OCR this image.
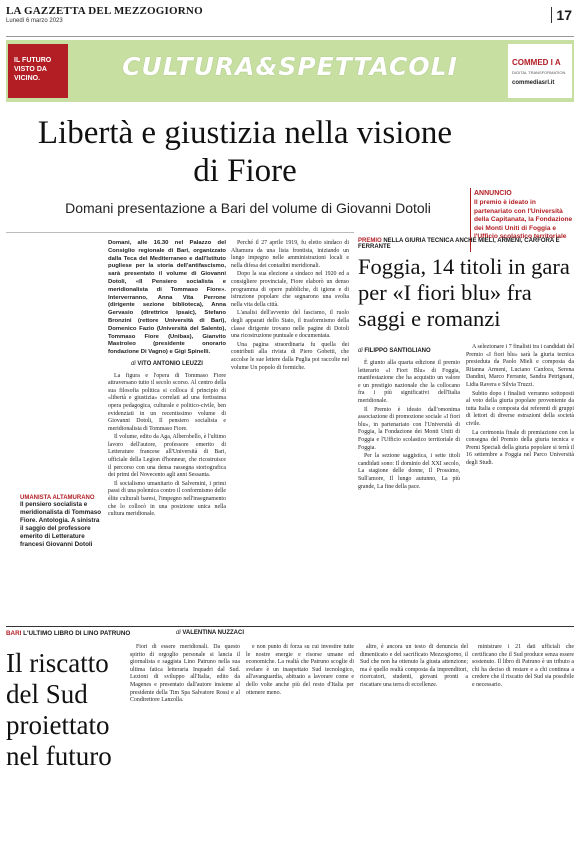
LA GAZZETTA DEL MEZZOGIORNO
Lunedì 6 marzo 2023	17
IL FUTURO VISTO DA VICINO.	CULTURA&SPETTACOLI	COMMED I A
DIGITAL TRANSFORMATION
commediasrl.it
Libertà e giustizia nella visione di Fiore
Domani presentazione a Bari del volume di Giovanni Dotoli
ANNUNCIO
Il premio è ideato in partenariato con l'Università della Capitanata, la Fondazione dei Monti Uniti di Foggia e l'Ufficio scolastico territoriale
Domani, alle 16.30 nel Palazzo del Consiglio regionale di Bari, organizzato dalla Teca del Mediterraneo e dall'Istituto pugliese per la storia dell'antifascismo, sarà presentato il volume di Giovanni Dotoli, «Il Pensiero socialista e meridionalista di Tommaso Fiore». Interverranno, Anna Vita Perrone (dirigente sezione biblioteca), Anna Gervasio (direttrice Ipsaic), Stefano Bronzini (rettore Università di Bari), Domenico Fazio (Università del Salento), Tommaso Fiore (Unibas), Gianvito Mastroleo (presidente onorario fondazione Di Vagno) e Gigi Spinelli.
di VITO ANTONIO LEUZZI

La figura e l'opera di Tommaso Fiore attraversano tutto il secolo scorso. Al centro della sua filosofia politica si colloca il principio di «libertà e giustizia» correlati ad una fortissima opera pedagogica, culturale e politico-civile, ben evidenziati in un recentissimo volume di Giovanni Dotoli, Il pensiero socialista e meridionalista di Tommaso Fiore.

Il volume, edito da Aga, Alberobello, è l'ultimo lavoro dell'autore, professore emerito di Letterature francese all'Università di Bari, ufficiale della Legion d'honneur, che ricostruisce il percorso con una densa rassegna storiografica dei primi del Novecento agli anni Sessanta.

Il socialismo umanitario di Salvemini, i primi passi di una polemica contro il conformismo delle élite culturali baresi, l'impegno nell'insegnamento che lo collocò in una posizione unica nella cultura meridionale.

Perché il 27 aprile 1919, fu eletto sindaco di Altamura da una lista frontista, iniziando un lungo impegno nelle amministrazioni locali e nella difesa dei contadini meridionali.

Dopo la sua elezione a sindaco nel 1920 ed a consigliere provinciale, Fiore elaborò un denso programma di opere pubbliche, di igiene e di istruzione popolare che segnarono una svolta nella vita della città.

L'analisi dell'avvento del fascismo, il ruolo degli apparati dello Stato, il trasformismo della classe dirigente trovano nelle pagine di Dotoli una ricostruzione puntuale e documentata.

Una pagina straordinaria fu quella dei contributi alla rivista di Piero Gobetti, che accolse le sue lettere dalla Puglia poi raccolte nel volume Un popolo di formiche.

UMANISTA ALTAMURANO
Il pensiero socialista e meridionalista di Tommaso Fiore. Antologia. A sinistra il saggio del professore emerito di Letterature francesi Giovanni Dotoli
PREMIO NELLA GIURIA TECNICA ANCHE MIELI, ARMENI, CARFORA E FERRANTE
Foggia, 14 titoli in gara per «I fiori blu» fra saggi e romanzi
di FILIPPO SANTIGLIANO

È giunto alla quarta edizione il premio letterario «I Fiori Blu» di Foggia, manifestazione che ha acquisito un valore e un prestigio nazionale che la collocano fra i più significativi dell'Italia meridionale.

Il Premio è ideato dall'omonima associazione di promozione sociale «I fiori blu», in partenariato con l'Università di Foggia, la Fondazione dei Monti Uniti di Foggia e l'Ufficio scolastico territoriale di Foggia.

Per la sezione saggistica, i sette titoli candidati sono: Il dominio del XXI secolo, La stagione delle donne, Il Prossimo, Sull'amore, Il lungo autunno, La più grande, La fine della pace.

A selezionare i 7 finalisti tra i candidati del Premio «I fiori blu» sarà la giuria tecnica presieduta da Paolo Mieli e composta da Ritanna Armeni, Luciano Canfora, Serena Dandini, Marco Ferrante, Sandra Petrignani, Lidia Ravera e Silvia Truzzi.

Subito dopo i finalisti verranno sottoposti al voto della giuria popolare proveniente da tutta Italia e composta dai referenti di gruppi di lettori di diverse estrazioni della società civile.

La cerimonia finale di premiazione con la consegna del Premio della giuria tecnica e Premi Speciali della giuria popolare si terrà il 16 settembre a Foggia nel Parco Università degli Studi.

BARI L'ULTIMO LIBRO DI LINO PATRUNO
Il riscatto del Sud proiettato nel futuro
di VALENTINA NUZZACI

Fiori di essere meridionali. Da questo spirito di orgoglio personale si lancia il giornalista e saggista Lino Patruno nella sua ultima fatica letteraria Inquadri dal Sud. Lezioni di sviluppo all'Italia, edito da Magenes e presentato dall'autore insieme al presidente della Tim Spa Salvatore Rossi e al Condirettore Lanzolla.

e non punto di forza su cui investire tutte le nostre energie e risorse umane ed economiche. La realtà che Patruno scoglie di svelare è un inaspettato Sud tecnologico, all'avanguardia, abituato a lavorare come e dello volte anche più del resto d'Italia per ottenere meno.

altre, è ancora un testo di denuncia del dimenticato e del sacrificato Mezzogiorno, il Sud che non ha ottenuto la giusta attenzione; ma è quello realtà composta da imprenditori, ricercatori, studenti, giovani pronti a riscattare una terra di eccellenze.

ministrare i 21 dati ufficiali che certificano che il Sud produce senza essere sostenuto. Il libro di Patruno è un tributo a chi ha deciso di restare e a chi continua a credere che il riscatto del Sud sia possibile e necessario.
